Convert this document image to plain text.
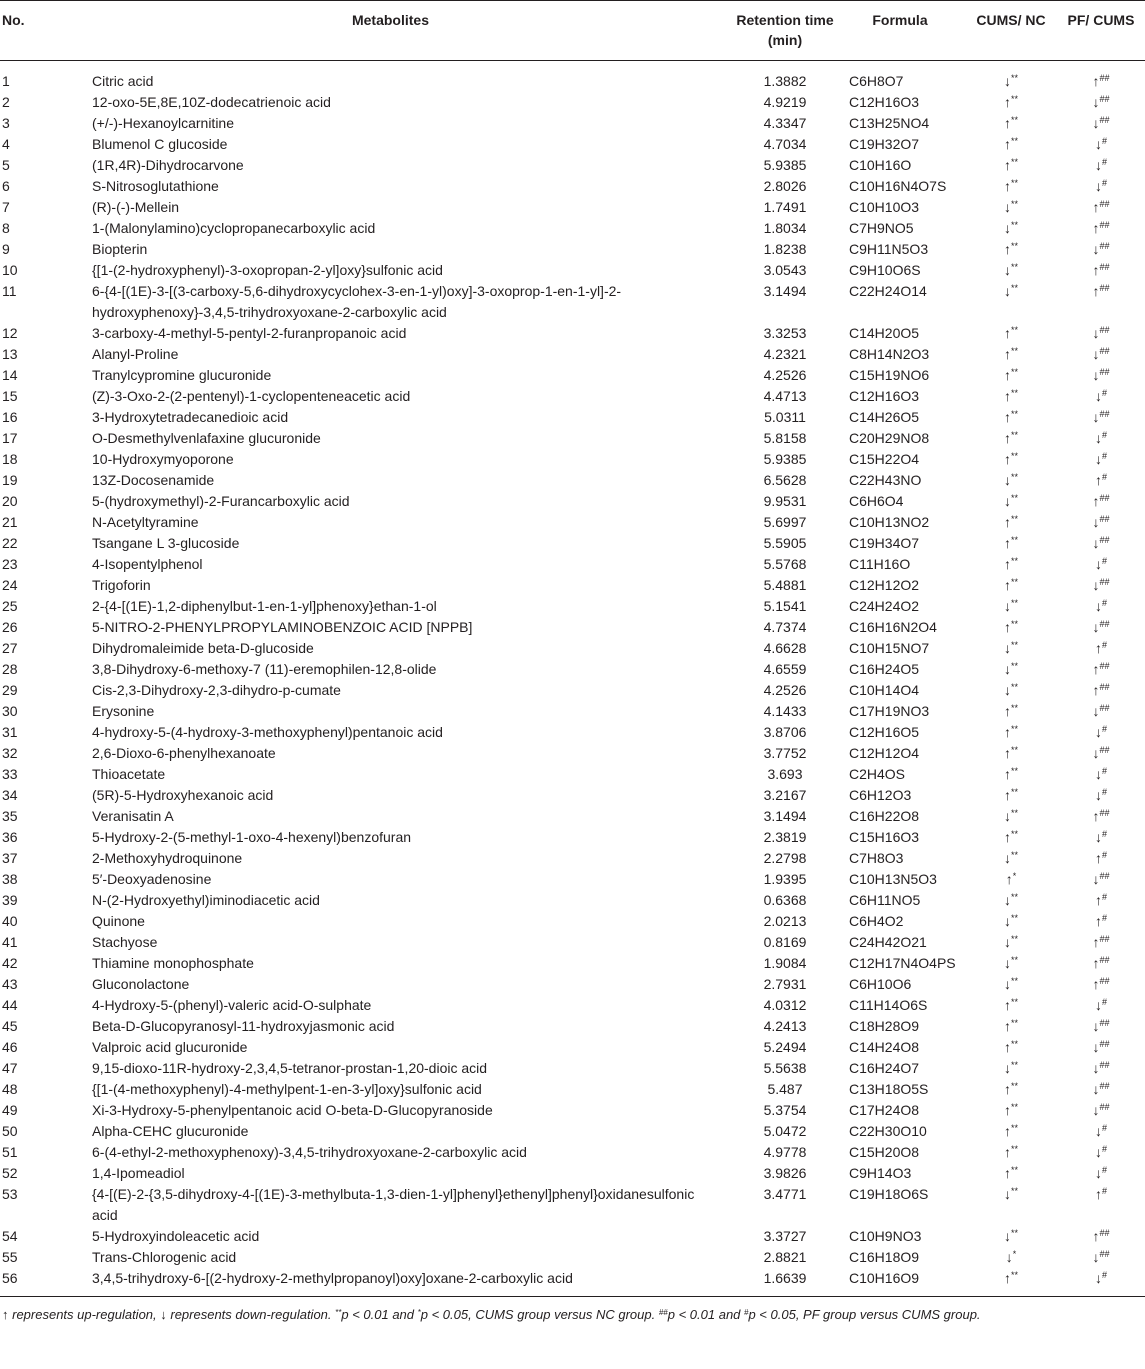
No.	Metabolites	Retention time (min)	Formula	CUMS/ NC	PF/ CUMS
1	Citric acid	1.3882	C6H8O7	↓**	↑##
2	12-oxo-5E,8E,10Z-dodecatrienoic acid	4.9219	C12H16O3	↑**	↓##
3	(+/-)-Hexanoylcarnitine	4.3347	C13H25NO4	↑**	↓##
4	Blumenol C glucoside	4.7034	C19H32O7	↑**	↓#
5	(1R,4R)-Dihydrocarvone	5.9385	C10H16O	↑**	↓#
6	S-Nitrosoglutathione	2.8026	C10H16N4O7S	↑**	↓#
7	(R)-(-)-Mellein	1.7491	C10H10O3	↓**	↑##
8	1-(Malonylamino)cyclopropanecarboxylic acid	1.8034	C7H9NO5	↓**	↑##
9	Biopterin	1.8238	C9H11N5O3	↑**	↓##
10	{[1-(2-hydroxyphenyl)-3-oxopropan-2-yl]oxy}sulfonic acid	3.0543	C9H10O6S	↓**	↑##
11	6-{4-[(1E)-3-[(3-carboxy-5,6-dihydroxycyclohex-3-en-1-yl)oxy]-3-oxoprop-1-en-1-yl]-2-hydroxyphenoxy}-3,4,5-trihydroxyoxane-2-carboxylic acid	3.1494	C22H24O14	↓**	↑##
12	3-carboxy-4-methyl-5-pentyl-2-furanpropanoic acid	3.3253	C14H20O5	↑**	↓##
13	Alanyl-Proline	4.2321	C8H14N2O3	↑**	↓##
14	Tranylcypromine glucuronide	4.2526	C15H19NO6	↑**	↓##
15	(Z)-3-Oxo-2-(2-pentenyl)-1-cyclopenteneacetic acid	4.4713	C12H16O3	↑**	↓#
16	3-Hydroxytetradecanedioic acid	5.0311	C14H26O5	↑**	↓##
17	O-Desmethylvenlafaxine glucuronide	5.8158	C20H29NO8	↑**	↓#
18	10-Hydroxymyoporone	5.9385	C15H22O4	↑**	↓#
19	13Z-Docosenamide	6.5628	C22H43NO	↓**	↑#
20	5-(hydroxymethyl)-2-Furancarboxylic acid	9.9531	C6H6O4	↓**	↑##
21	N-Acetyltyramine	5.6997	C10H13NO2	↑**	↓##
22	Tsangane L 3-glucoside	5.5905	C19H34O7	↑**	↓##
23	4-Isopentylphenol	5.5768	C11H16O	↑**	↓#
24	Trigoforin	5.4881	C12H12O2	↑**	↓##
25	2-{4-[(1E)-1,2-diphenylbut-1-en-1-yl]phenoxy}ethan-1-ol	5.1541	C24H24O2	↓**	↓#
26	5-NITRO-2-PHENYLPROPYLAMINOBENZOIC ACID [NPPB]	4.7374	C16H16N2O4	↑**	↓##
27	Dihydromaleimide beta-D-glucoside	4.6628	C10H15NO7	↓**	↑#
28	3,8-Dihydroxy-6-methoxy-7 (11)-eremophilen-12,8-olide	4.6559	C16H24O5	↓**	↑##
29	Cis-2,3-Dihydroxy-2,3-dihydro-p-cumate	4.2526	C10H14O4	↓**	↑##
30	Erysonine	4.1433	C17H19NO3	↑**	↓##
31	4-hydroxy-5-(4-hydroxy-3-methoxyphenyl)pentanoic acid	3.8706	C12H16O5	↑**	↓#
32	2,6-Dioxo-6-phenylhexanoate	3.7752	C12H12O4	↑**	↓##
33	Thioacetate	3.693	C2H4OS	↑**	↓#
34	(5R)-5-Hydroxyhexanoic acid	3.2167	C6H12O3	↑**	↓#
35	Veranisatin A	3.1494	C16H22O8	↓**	↑##
36	5-Hydroxy-2-(5-methyl-1-oxo-4-hexenyl)benzofuran	2.3819	C15H16O3	↑**	↓#
37	2-Methoxyhydroquinone	2.2798	C7H8O3	↓**	↑#
38	5′-Deoxyadenosine	1.9395	C10H13N5O3	↑*	↓##
39	N-(2-Hydroxyethyl)iminodiacetic acid	0.6368	C6H11NO5	↓**	↑#
40	Quinone	2.0213	C6H4O2	↓**	↑#
41	Stachyose	0.8169	C24H42O21	↓**	↑##
42	Thiamine monophosphate	1.9084	C12H17N4O4PS	↓**	↑##
43	Gluconolactone	2.7931	C6H10O6	↓**	↑##
44	4-Hydroxy-5-(phenyl)-valeric acid-O-sulphate	4.0312	C11H14O6S	↑**	↓#
45	Beta-D-Glucopyranosyl-11-hydroxyjasmonic acid	4.2413	C18H28O9	↑**	↓##
46	Valproic acid glucuronide	5.2494	C14H24O8	↑**	↓##
47	9,15-dioxo-11R-hydroxy-2,3,4,5-tetranor-prostan-1,20-dioic acid	5.5638	C16H24O7	↓**	↓##
48	{[1-(4-methoxyphenyl)-4-methylpent-1-en-3-yl]oxy}sulfonic acid	5.487	C13H18O5S	↑**	↓##
49	Xi-3-Hydroxy-5-phenylpentanoic acid O-beta-D-Glucopyranoside	5.3754	C17H24O8	↑**	↓##
50	Alpha-CEHC glucuronide	5.0472	C22H30O10	↑**	↓#
51	6-(4-ethyl-2-methoxyphenoxy)-3,4,5-trihydroxyoxane-2-carboxylic acid	4.9778	C15H20O8	↑**	↓#
52	1,4-Ipomeadiol	3.9826	C9H14O3	↑**	↓#
53	{4-[(E)-2-{3,5-dihydroxy-4-[(1E)-3-methylbuta-1,3-dien-1-yl]phenyl}ethenyl]phenyl}oxidanesulfonic acid	3.4771	C19H18O6S	↓**	↑#
54	5-Hydroxyindoleacetic acid	3.3727	C10H9NO3	↓**	↑##
55	Trans-Chlorogenic acid	2.8821	C16H18O9	↓*	↓##
56	3,4,5-trihydroxy-6-[(2-hydroxy-2-methylpropanoyl)oxy]oxane-2-carboxylic acid	1.6639	C10H16O9	↑**	↓#
↑ represents up-regulation, ↓ represents down-regulation. **p < 0.01 and *p < 0.05, CUMS group versus NC group. ##p < 0.01 and #p < 0.05, PF group versus CUMS group.
